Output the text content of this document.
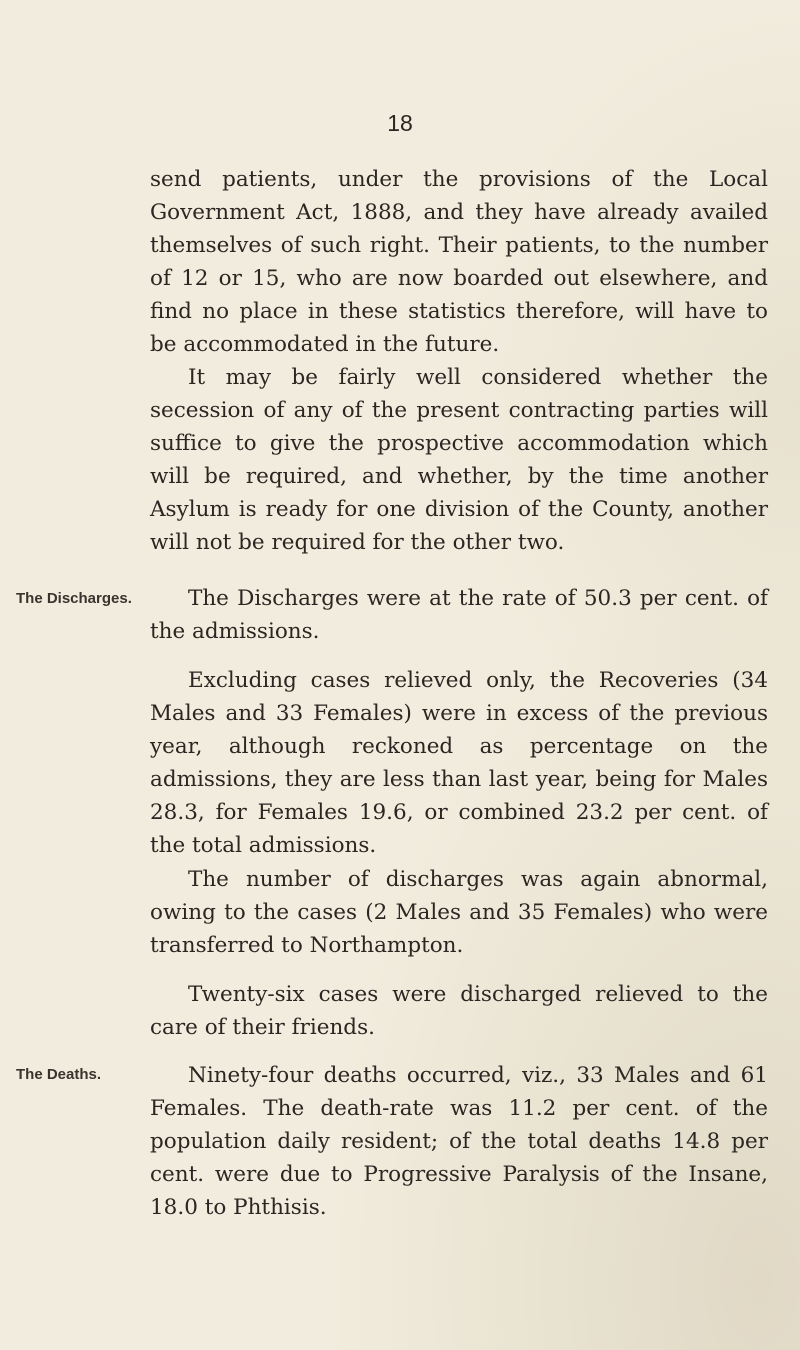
18

send patients, under the provisions of the Local Government Act, 1888, and they have already availed themselves of such right. Their patients, to the number of 12 or 15, who are now boarded out elsewhere, and find no place in these statistics therefore, will have to be accommodated in the future.

It may be fairly well considered whether the secession of any of the present contracting parties will suffice to give the prospective accommodation which will be required, and whether, by the time another Asylum is ready for one division of the County, another will not be required for the other two.

The Discharges.	The Discharges were at the rate of 50.3 per cent. of the admissions.

Excluding cases relieved only, the Recoveries (34 Males and 33 Females) were in excess of the previous year, although reckoned as percentage on the admissions, they are less than last year, being for Males 28.3, for Females 19.6, or combined 23.2 per cent. of the total admissions.

The number of discharges was again abnormal, owing to the cases (2 Males and 35 Females) who were transferred to Northampton.

Twenty-six cases were discharged relieved to the care of their friends.

The Deaths.	Ninety-four deaths occurred, viz., 33 Males and 61 Females. The death-rate was 11.2 per cent. of the population daily resident; of the total deaths 14.8 per cent. were due to Progressive Paralysis of the Insane, 18.0 to Phthisis.
